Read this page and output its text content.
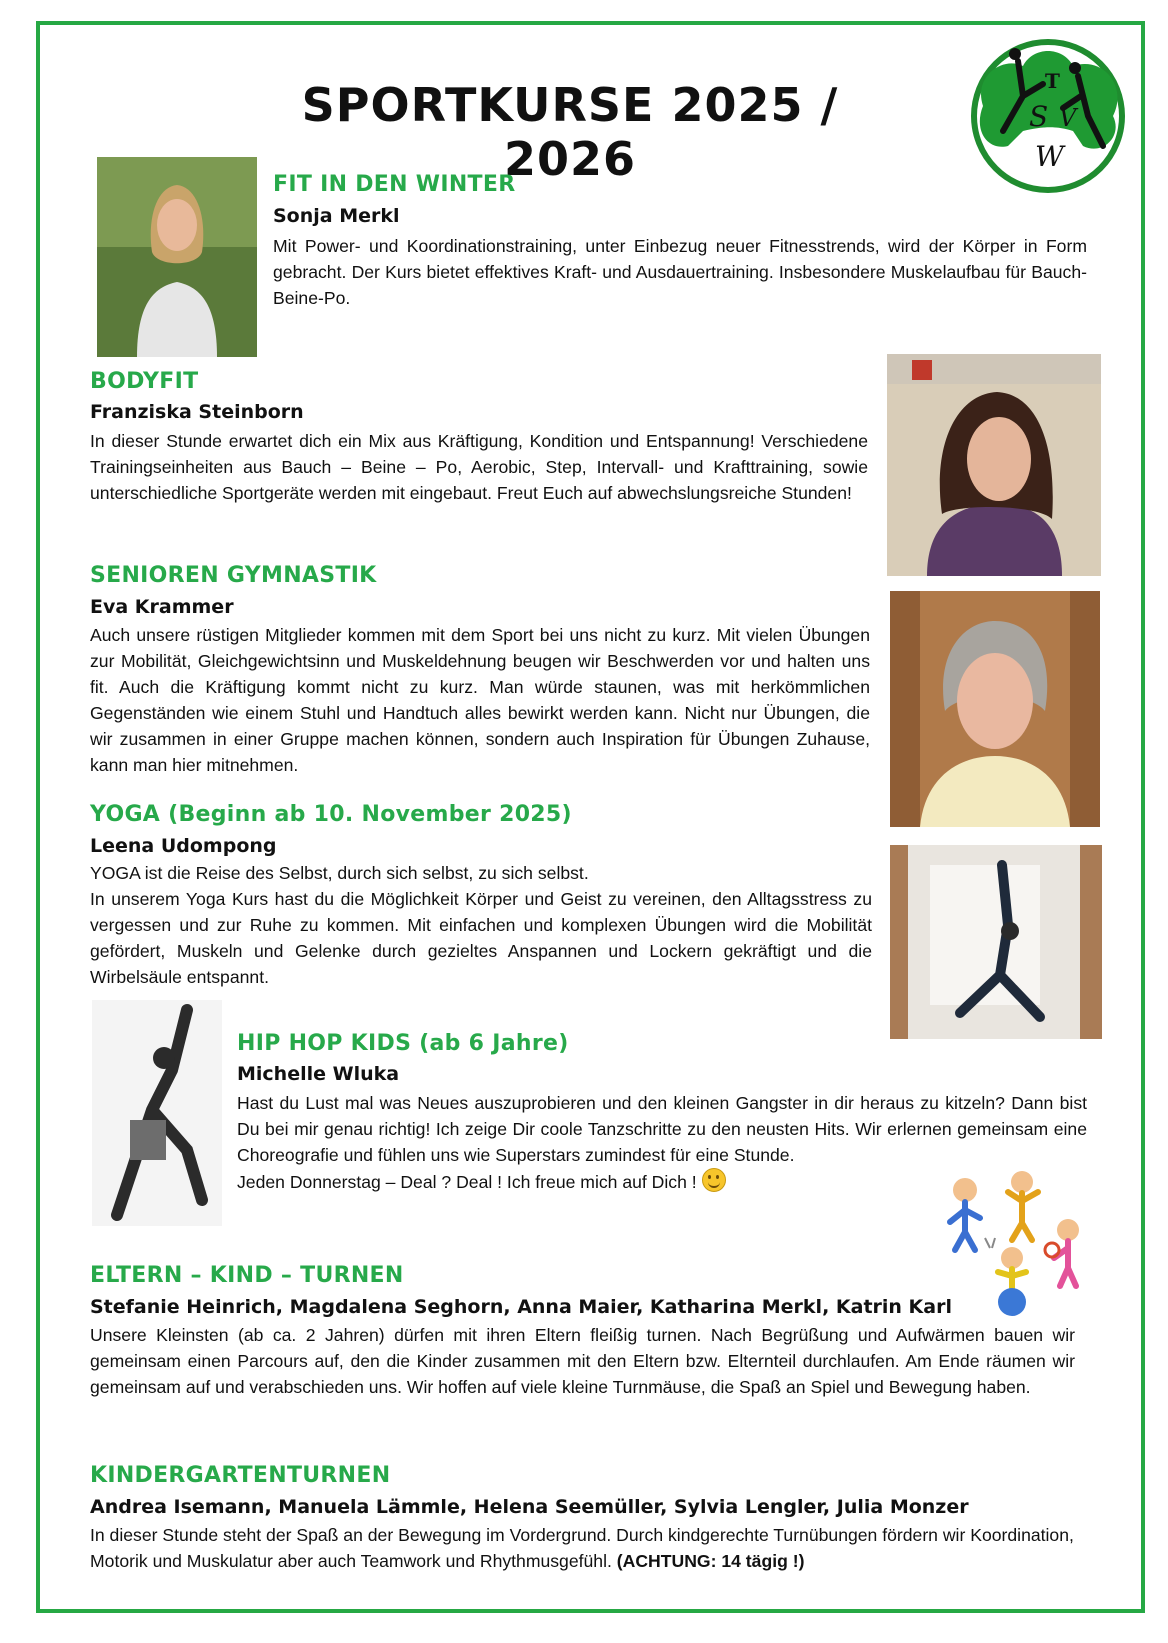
SPORTKURSE 2025 / 2026
T
S V
W
FIT IN DEN WINTER
Sonja Merkl

Mit Power- und Koordinationstraining, unter Einbezug neuer Fitnesstrends, wird der Körper in Form gebracht. Der Kurs bietet effektives Kraft- und Ausdauertraining. Insbesondere Muskelaufbau für Bauch-Beine-Po.

BODYFIT
Franziska Steinborn

In dieser Stunde erwartet dich ein Mix aus Kräftigung, Kondition und Entspannung! Verschiedene Trainingseinheiten aus Bauch – Beine – Po, Aerobic, Step, Intervall- und Krafttraining, sowie unterschiedliche Sportgeräte werden mit eingebaut. Freut Euch auf abwechslungsreiche Stunden!

SENIOREN GYMNASTIK
Eva Krammer

Auch unsere rüstigen Mitglieder kommen mit dem Sport bei uns nicht zu kurz. Mit vielen Übungen zur Mobilität, Gleichgewichtsinn und Muskeldehnung beugen wir Beschwerden vor und halten uns fit. Auch die Kräftigung kommt nicht zu kurz. Man würde staunen, was mit herkömmlichen Gegenständen wie einem Stuhl und Handtuch alles bewirkt werden kann. Nicht nur Übungen, die wir zusammen in einer Gruppe machen können, sondern auch Inspiration für Übungen Zuhause, kann man hier mitnehmen.

YOGA (Beginn ab 10. November 2025)
Leena Udompong

YOGA ist die Reise des Selbst, durch sich selbst, zu sich selbst.

In unserem Yoga Kurs hast du die Möglichkeit Körper und Geist zu vereinen, den Alltagsstress zu vergessen und zur Ruhe zu kommen. Mit einfachen und komplexen Übungen wird die Mobilität gefördert, Muskeln und Gelenke durch gezieltes Anspannen und Lockern gekräftigt und die Wirbelsäule entspannt.

HIP HOP KIDS (ab 6 Jahre)
Michelle Wluka

Hast du Lust mal was Neues auszuprobieren und den kleinen Gangster in dir heraus zu kitzeln? Dann bist Du bei mir genau richtig! Ich zeige Dir coole Tanzschritte zu den neusten Hits. Wir erlernen gemeinsam eine Choreografie und fühlen uns wie Superstars zumindest für eine Stunde.

Jeden Donnerstag – Deal ? Deal ! Ich freue mich auf Dich !

ELTERN – KIND – TURNEN
Stefanie Heinrich, Magdalena Seghorn, Anna Maier, Katharina Merkl, Katrin Karl

Unsere Kleinsten (ab ca. 2 Jahren) dürfen mit ihren Eltern fleißig turnen. Nach Begrüßung und Aufwärmen bauen wir gemeinsam einen Parcours auf, den die Kinder zusammen mit den Eltern bzw. Elternteil durchlaufen. Am Ende räumen wir gemeinsam auf und verabschieden uns. Wir hoffen auf viele kleine Turnmäuse, die Spaß an Spiel und Bewegung haben.

KINDERGARTENTURNEN
Andrea Isemann, Manuela Lämmle, Helena Seemüller, Sylvia Lengler, Julia Monzer

In dieser Stunde steht der Spaß an der Bewegung im Vordergrund. Durch kindgerechte Turnübungen fördern wir Koordination, Motorik und Muskulatur aber auch Teamwork und Rhythmusgefühl. (ACHTUNG: 14 tägig !)
